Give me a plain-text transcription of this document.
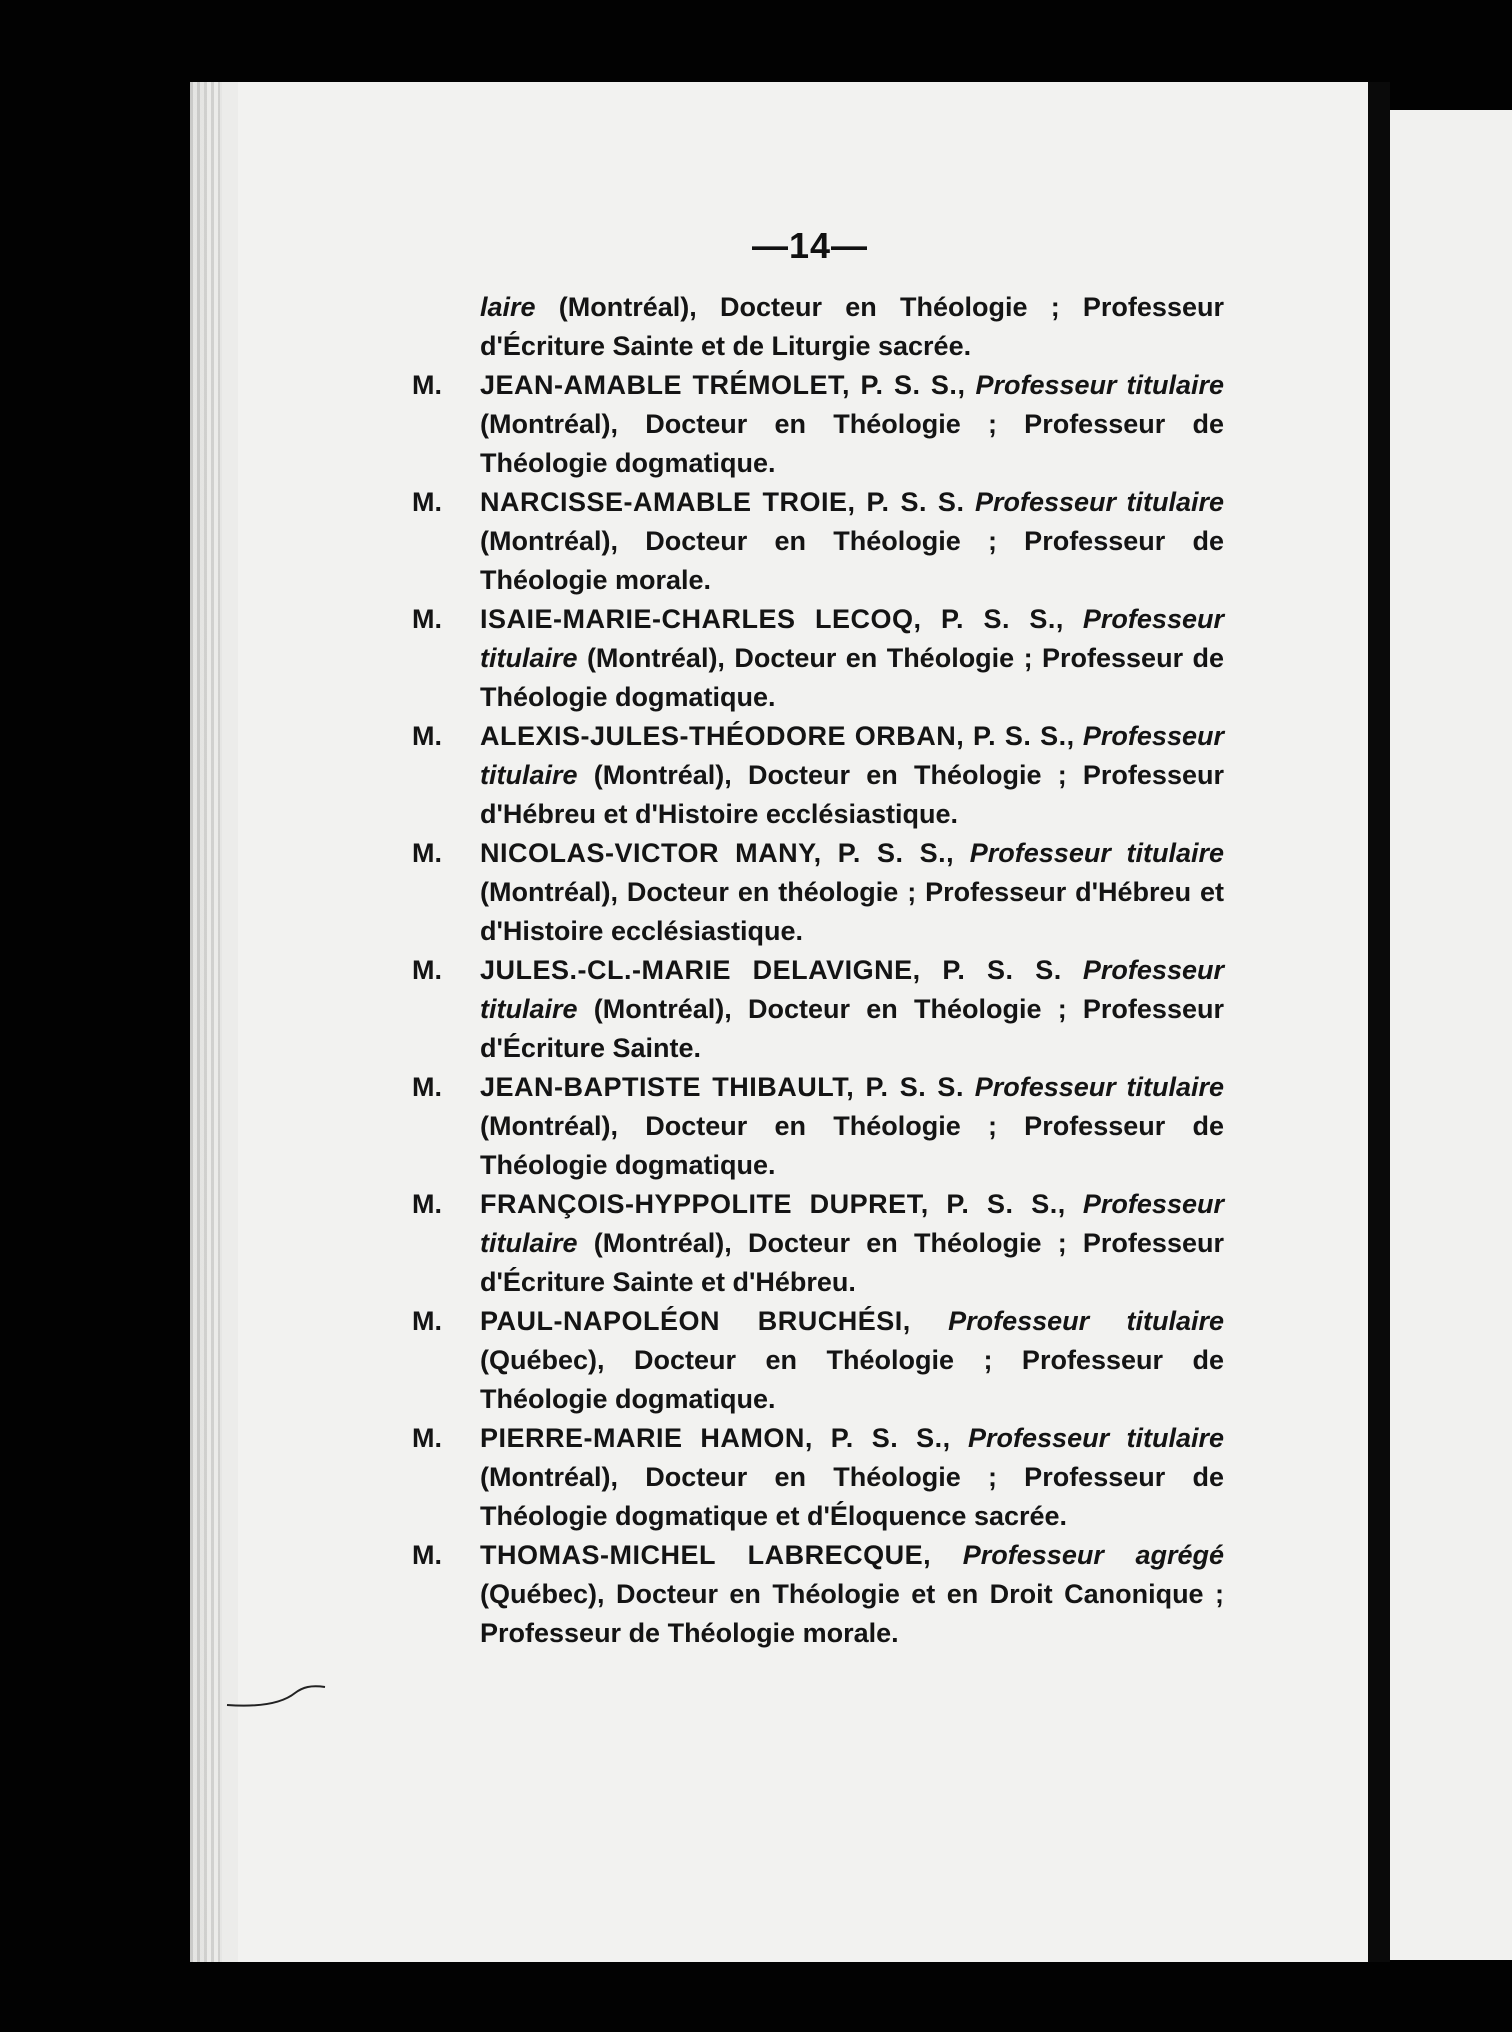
—14—

laire (Montréal), Docteur en Théologie ; Professeur d'Écriture Sainte et de Liturgie sacrée.

M. JEAN-AMABLE TRÉMOLET, P. S. S., Professeur titulaire (Montréal), Docteur en Théologie ; Professeur de Théologie dogmatique.

M. NARCISSE-AMABLE TROIE, P. S. S. Professeur titulaire (Montréal), Docteur en Théologie ; Professeur de Théologie morale.

M. ISAIE-MARIE-CHARLES LECOQ, P. S. S., Professeur titulaire (Montréal), Docteur en Théologie ; Professeur de Théologie dogmatique.

M. ALEXIS-JULES-THÉODORE ORBAN, P. S. S., Professeur titulaire (Montréal), Docteur en Théologie ; Professeur d'Hébreu et d'Histoire ecclésiastique.

M. NICOLAS-VICTOR MANY, P. S. S., Professeur titulaire (Montréal), Docteur en théologie ; Professeur d'Hébreu et d'Histoire ecclésiastique.

M. JULES.-CL.-MARIE DELAVIGNE, P. S. S. Professeur titulaire (Montréal), Docteur en Théologie ; Professeur d'Écriture Sainte.

M. JEAN-BAPTISTE THIBAULT, P. S. S. Professeur titulaire (Montréal), Docteur en Théologie ; Professeur de Théologie dogmatique.

M. FRANÇOIS-HYPPOLITE DUPRET, P. S. S., Professeur titulaire (Montréal), Docteur en Théologie ; Professeur d'Écriture Sainte et d'Hébreu.

M. PAUL-NAPOLÉON BRUCHÉSI, Professeur titulaire (Québec), Docteur en Théologie ; Professeur de Théologie dogmatique.

M. PIERRE-MARIE HAMON, P. S. S., Professeur titulaire (Montréal), Docteur en Théologie ; Professeur de Théologie dogmatique et d'Éloquence sacrée.

M. THOMAS-MICHEL LABRECQUE, Professeur agrégé (Québec), Docteur en Théologie et en Droit Canonique ; Professeur de Théologie morale.
